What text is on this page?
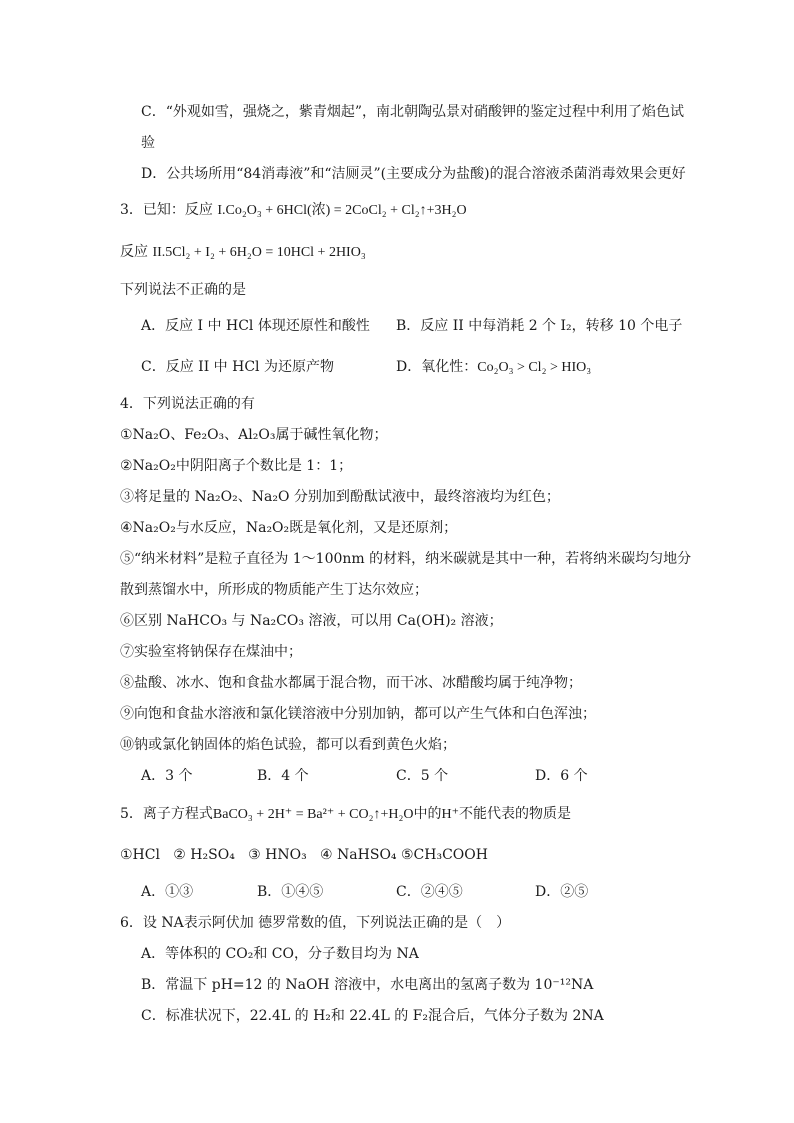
C．“外观如雪，强烧之，紫青烟起”，南北朝陶弘景对硝酸钾的鉴定过程中利用了焰色试
验
D．公共场所用“84消毒液”和“洁厕灵”(主要成分为盐酸)的混合溶液杀菌消毒效果会更好
3．已知：反应 I.Co₂O₃ + 6HCl(浓) = 2CoCl₂ + Cl₂↑+3H₂O
反应 II.5Cl₂ + I₂ + 6H₂O = 10HCl + 2HIO₃
下列说法不正确的是
A．反应 I 中 HCl 体现还原性和酸性 B．反应 II 中每消耗 2 个 I₂，转移 10 个电子
C．反应 II 中 HCl 为还原产物	D．氧化性：Co₂O₃ > Cl₂ > HIO₃
4．下列说法正确的有
①Na₂O、Fe₂O₃、Al₂O₃属于碱性氧化物；
②Na₂O₂中阴阳离子个数比是 1：1；
③将足量的 Na₂O₂、Na₂O 分别加到酚酞试液中，最终溶液均为红色；
④Na₂O₂与水反应，Na₂O₂既是氧化剂，又是还原剂；
⑤“纳米材料”是粒子直径为 1～100nm 的材料，纳米碳就是其中一种，若将纳米碳均匀地分
散到蒸馏水中，所形成的物质能产生丁达尔效应；
⑥区别 NaHCO₃ 与 Na₂CO₃ 溶液，可以用 Ca(OH)₂ 溶液；
⑦实验室将钠保存在煤油中；
⑧盐酸、冰水、饱和食盐水都属于混合物，而干冰、冰醋酸均属于纯净物；
⑨向饱和食盐水溶液和氯化镁溶液中分别加钠，都可以产生气体和白色浑浊；
⑩钠或氯化钠固体的焰色试验，都可以看到黄色火焰；
A．3 个	B．4 个	C．5 个	D．6 个
5．离子方程式BaCO₃ + 2H⁺ = Ba²⁺ + CO₂↑+H₂O中的H⁺不能代表的物质是
①HCl   ② H₂SO₄   ③ HNO₃   ④ NaHSO₄ ⑤CH₃COOH
A．①③	B．①④⑤	C．②④⑤	D．②⑤
6．设 NA表示阿伏加 德罗常数的值，下列说法正确的是（　）
A．等体积的 CO₂和 CO，分子数目均为 NA
B．常温下 pH=12 的 NaOH 溶液中，水电离出的氢离子数为 10⁻¹²NA
C．标准状况下，22.4L 的 H₂和 22.4L 的 F₂混合后，气体分子数为 2NA
